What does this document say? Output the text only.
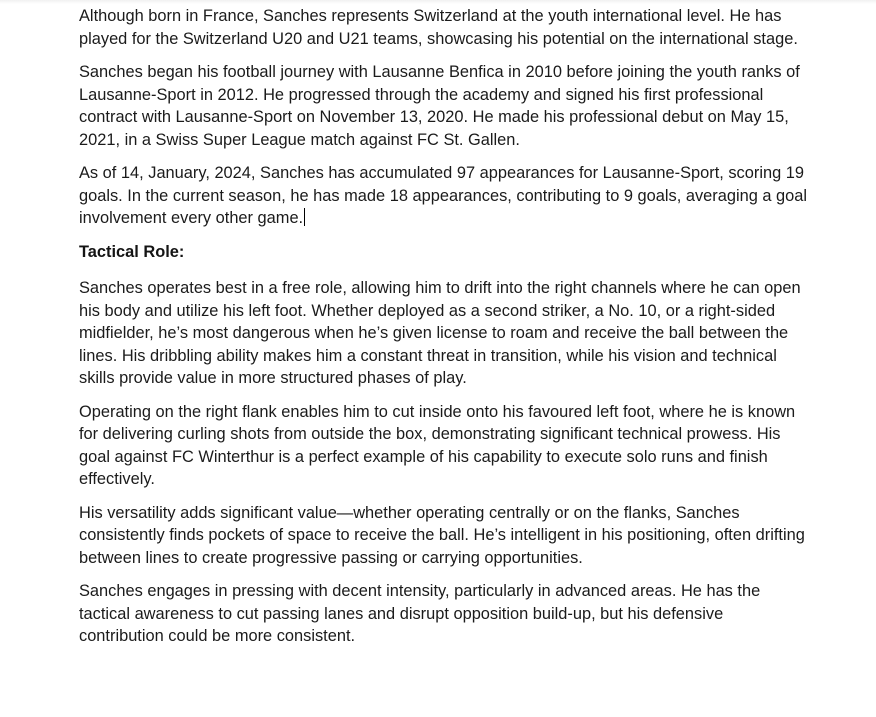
Although born in France, Sanches represents Switzerland at the youth international level. He has played for the Switzerland U20 and U21 teams, showcasing his potential on the international stage.

Sanches began his football journey with Lausanne Benfica in 2010 before joining the youth ranks of Lausanne-Sport in 2012. He progressed through the academy and signed his first professional contract with Lausanne-Sport on November 13, 2020. He made his professional debut on May 15, 2021, in a Swiss Super League match against FC St. Gallen.

As of 14, January, 2024, Sanches has accumulated 97 appearances for Lausanne-Sport, scoring 19 goals. In the current season, he has made 18 appearances, contributing to 9 goals, averaging a goal involvement every other game.

Tactical Role:

Sanches operates best in a free role, allowing him to drift into the right channels where he can open his body and utilize his left foot. Whether deployed as a second striker, a No. 10, or a right-sided midfielder, he’s most dangerous when he’s given license to roam and receive the ball between the lines. His dribbling ability makes him a constant threat in transition, while his vision and technical skills provide value in more structured phases of play.

Operating on the right flank enables him to cut inside onto his favoured left foot, where he is known for delivering curling shots from outside the box, demonstrating significant technical prowess. His goal against FC Winterthur is a perfect example of his capability to execute solo runs and finish effectively.

His versatility adds significant value—whether operating centrally or on the flanks, Sanches consistently finds pockets of space to receive the ball. He’s intelligent in his positioning, often drifting between lines to create progressive passing or carrying opportunities.

Sanches engages in pressing with decent intensity, particularly in advanced areas. He has the tactical awareness to cut passing lanes and disrupt opposition build-up, but his defensive contribution could be more consistent.
